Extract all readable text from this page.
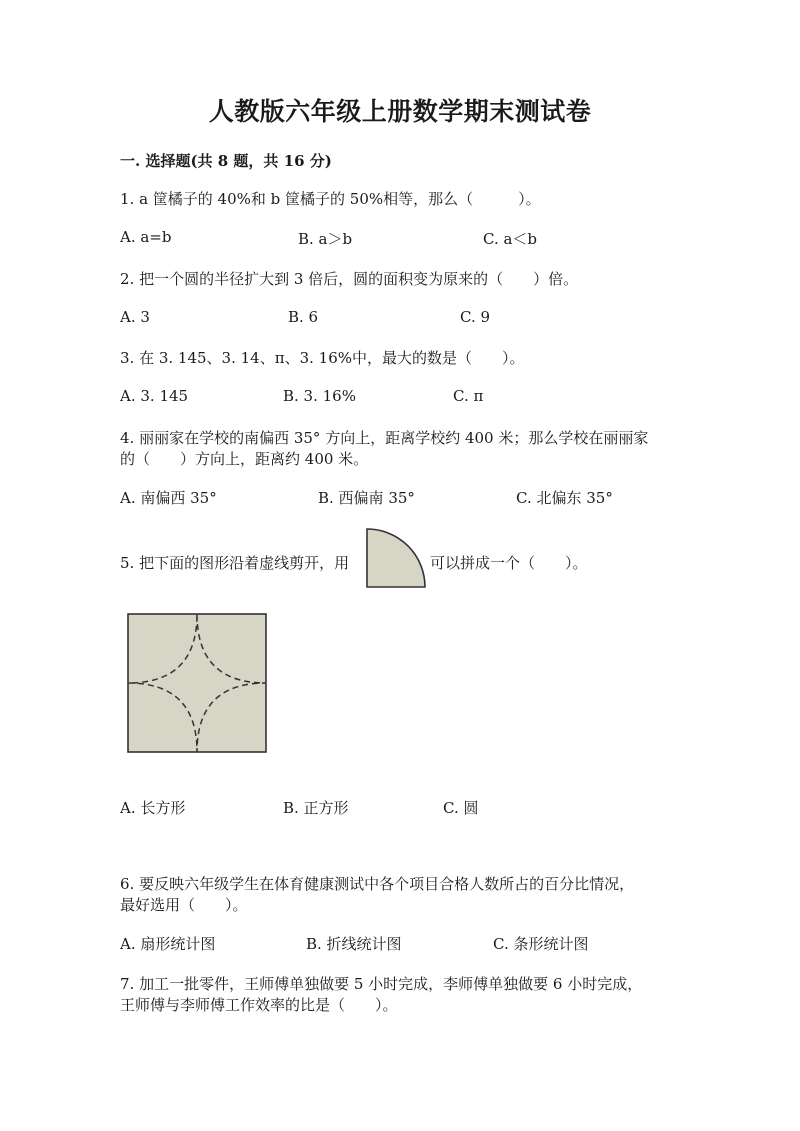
人教版六年级上册数学期末测试卷
一. 选择题(共 8 题，共 16 分)
1. a 筐橘子的 40%和 b 筐橘子的 50%相等，那么（　　　）。
A. a=b	B. a＞b	C. a＜b
2. 把一个圆的半径扩大到 3 倍后，圆的面积变为原来的（　　）倍。
A. 3	B. 6	C. 9
3. 在 3. 145、3. 14、π、3. 16%中，最大的数是（　　）。
A. 3. 145	B. 3. 16%	C. π
4. 丽丽家在学校的南偏西 35° 方向上，距离学校约 400 米；那么学校在丽丽家
的（　　）方向上，距离约 400 米。
A. 南偏西 35°	B. 西偏南 35°	C. 北偏东 35°
5. 把下面的图形沿着虚线剪开，用	可以拼成一个（　　）。
A. 长方形	B. 正方形	C. 圆
6. 要反映六年级学生在体育健康测试中各个项目合格人数所占的百分比情况，
最好选用（　　）。
A. 扇形统计图	B. 折线统计图	C. 条形统计图
7. 加工一批零件，王师傅单独做要 5 小时完成，李师傅单独做要 6 小时完成，
王师傅与李师傅工作效率的比是（　　）。
